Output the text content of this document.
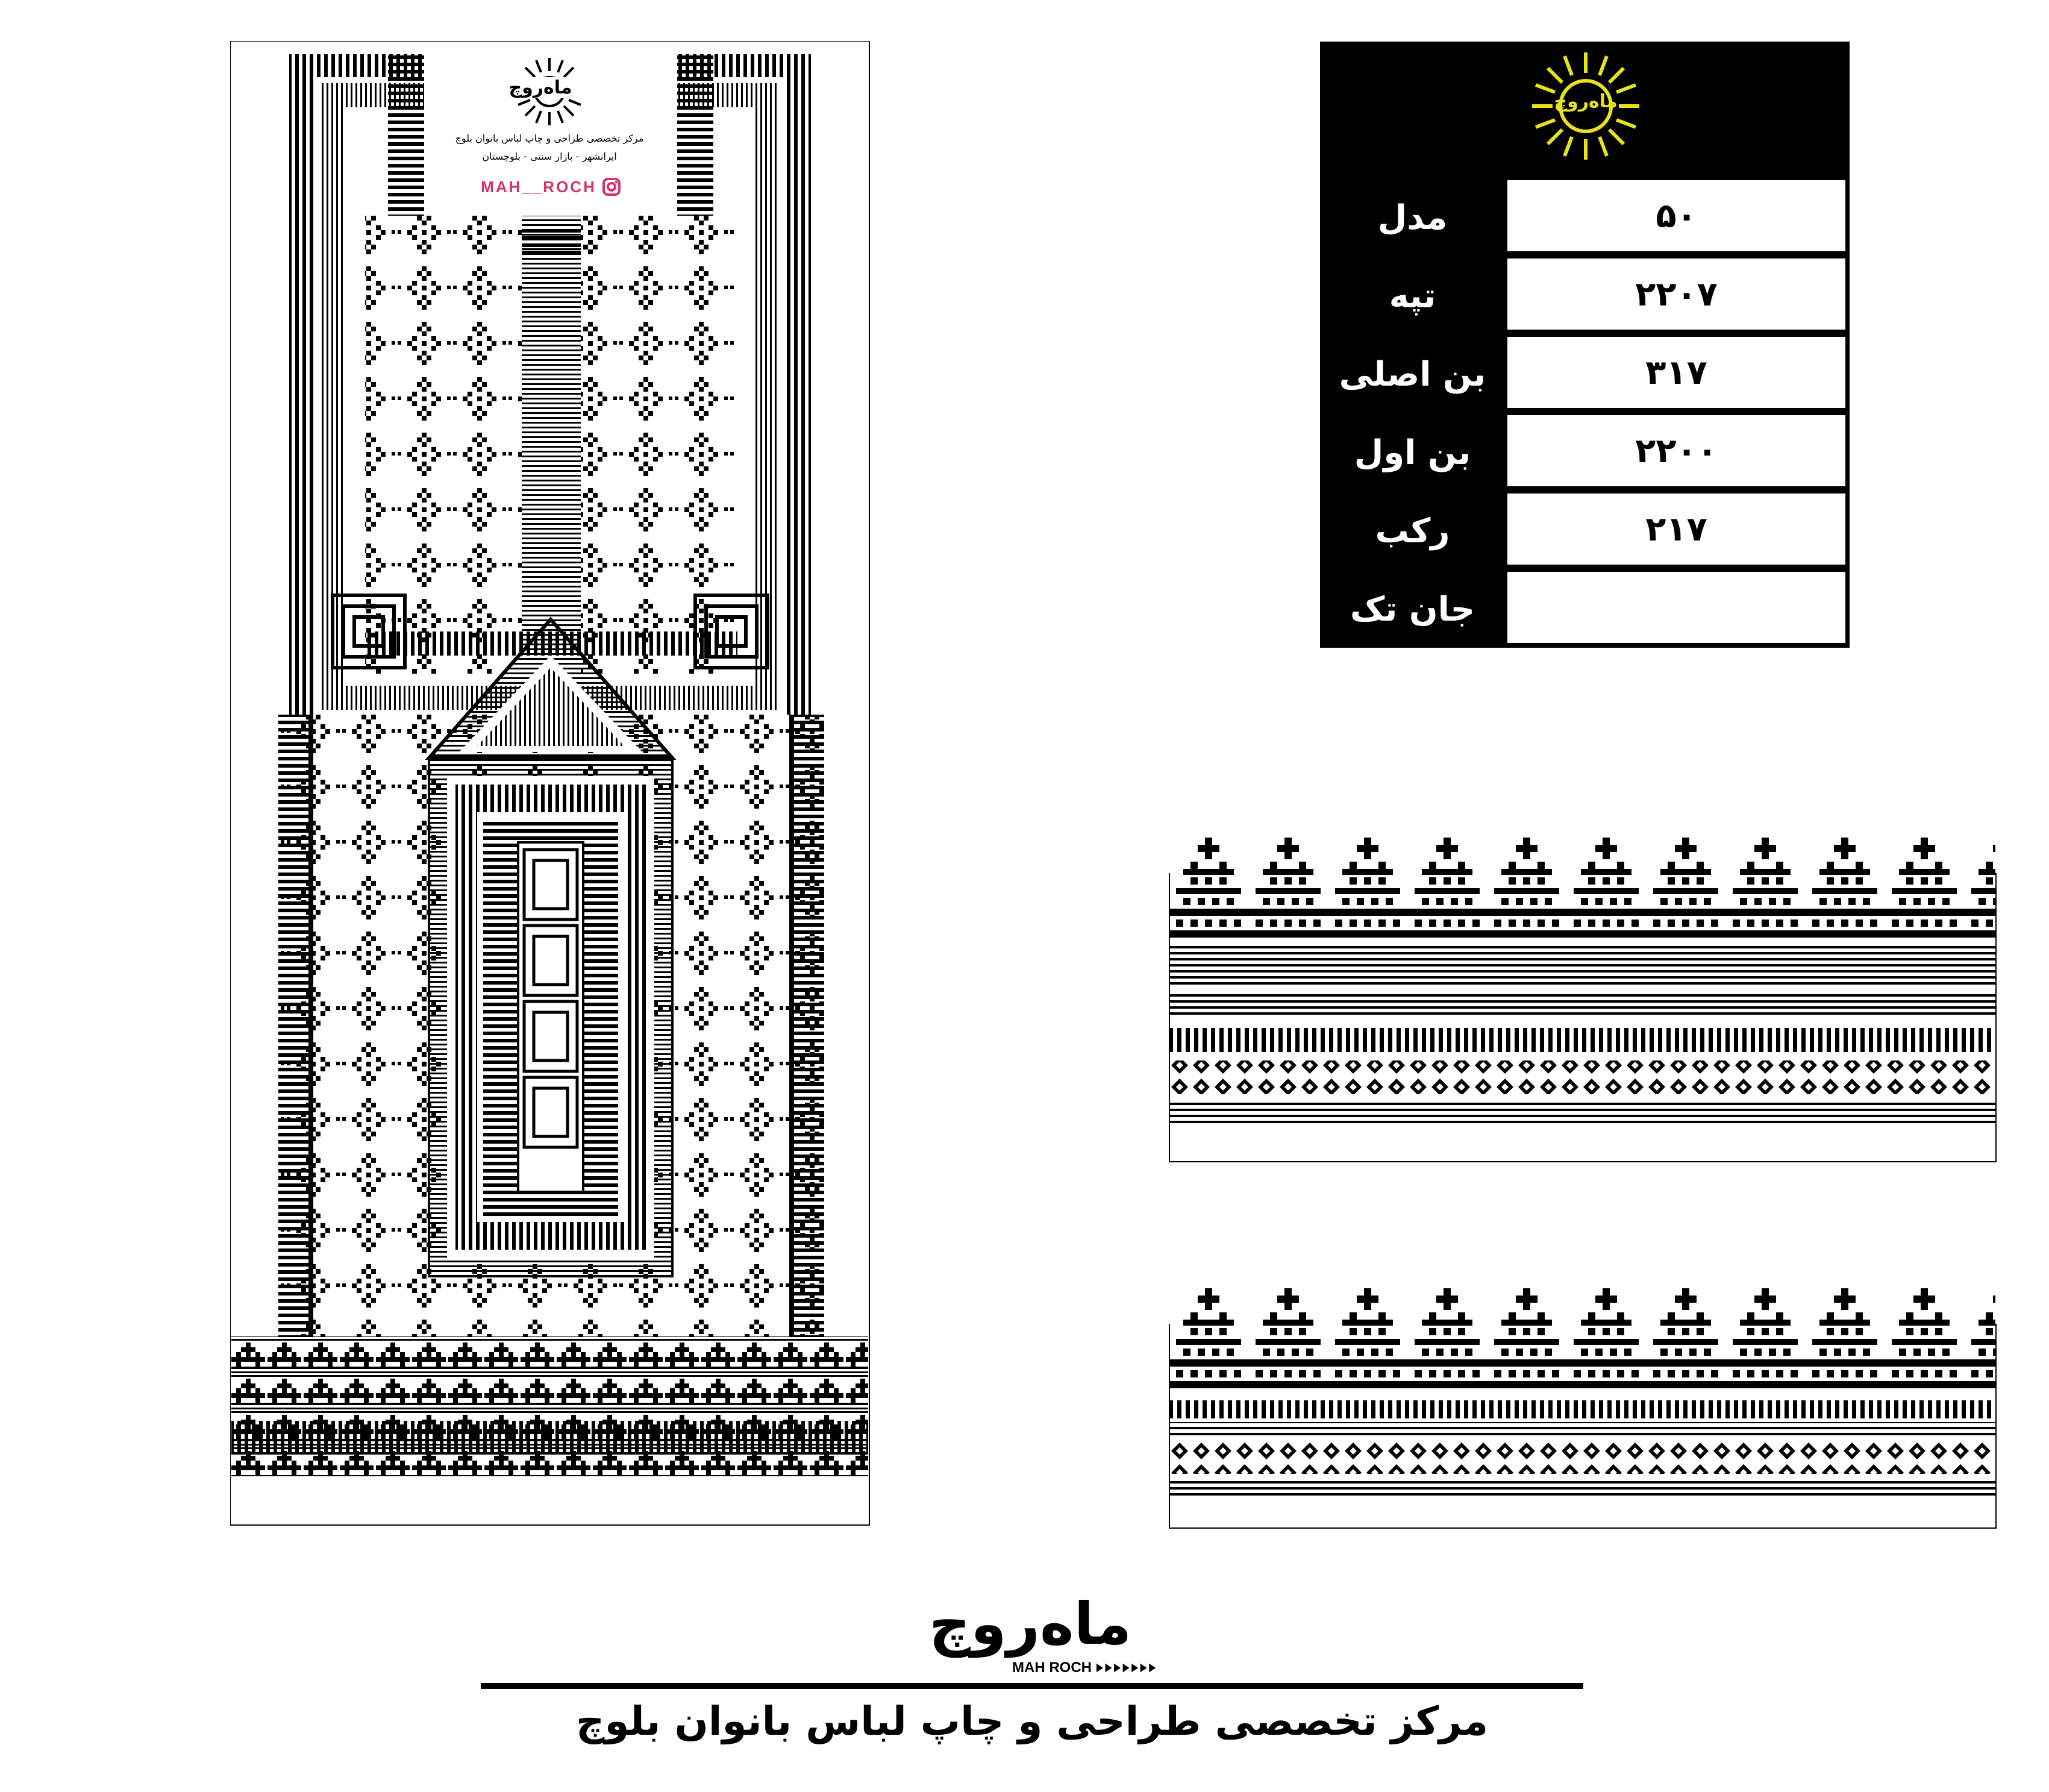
ماه‌روچ
مرکز تخصصی طراحی و چاپ لباس بانوان بلوچ
ایرانشهر - بازار سنتی - بلوچستان
MAH__ROCH
ماه‌روچ
مدل	۵۰
تپه	۲۲۰۷
بن اصلی	۳۱۷
بن اول	۲۲۰۰
رکب	۲۱۷
جان تک
ماه‌روچ
MAH ROCH
مرکز تخصصی طراحی و چاپ لباس بانوان بلوچ
